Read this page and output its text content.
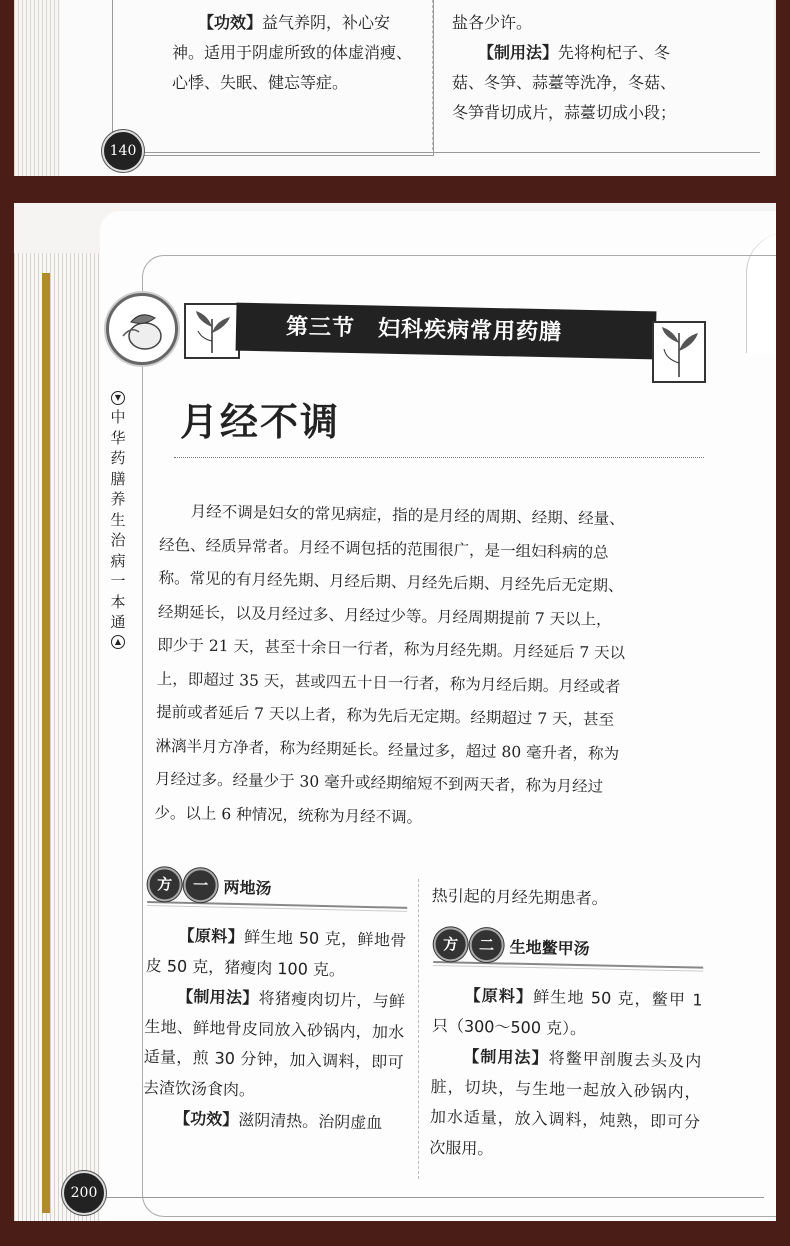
【功效】益气养阴，补心安
神。适用于阴虚所致的体虚消瘦、
心悸、失眠、健忘等症。
盐各少许。
【制用法】先将枸杞子、冬
菇、冬笋、蒜薹等洗净，冬菇、
冬笋背切成片，蒜薹切成小段；
140
第三节　妇科疾病常用药膳
▼
中
华
药
膳
养
生
治
病
一
本
通
▲
月经不调
月经不调是妇女的常见病症，指的是月经的周期、经期、经量、
经色、经质异常者。月经不调包括的范围很广，是一组妇科病的总
称。常见的有月经先期、月经后期、月经先后期、月经先后无定期、
经期延长，以及月经过多、月经过少等。月经周期提前 7 天以上，
即少于 21 天，甚至十余日一行者，称为月经先期。月经延后 7 天以
上，即超过 35 天，甚或四五十日一行者，称为月经后期。月经或者
提前或者延后 7 天以上者，称为先后无定期。经期超过 7 天，甚至
淋漓半月方净者，称为经期延长。经量过多，超过 80 毫升者，称为
月经过多。经量少于 30 毫升或经期缩短不到两天者，称为月经过
少。以上 6 种情况，统称为月经不调。
方 一 两地汤

【原料】鲜生地 50 克，鲜地骨皮 50 克，猪瘦肉 100 克。

【制用法】将猪瘦肉切片，与鲜生地、鲜地骨皮同放入砂锅内，加水适量，煎 30 分钟，加入调料，即可去渣饮汤食肉。

【功效】滋阴清热。治阴虚血

热引起的月经先期患者。
方 二 生地鳖甲汤

【原料】鲜生地 50 克，鳖甲 1 只（300～500 克）。

【制用法】将鳖甲剖腹去头及内脏，切块，与生地一起放入砂锅内，加水适量，放入调料，炖熟，即可分次服用。

200
